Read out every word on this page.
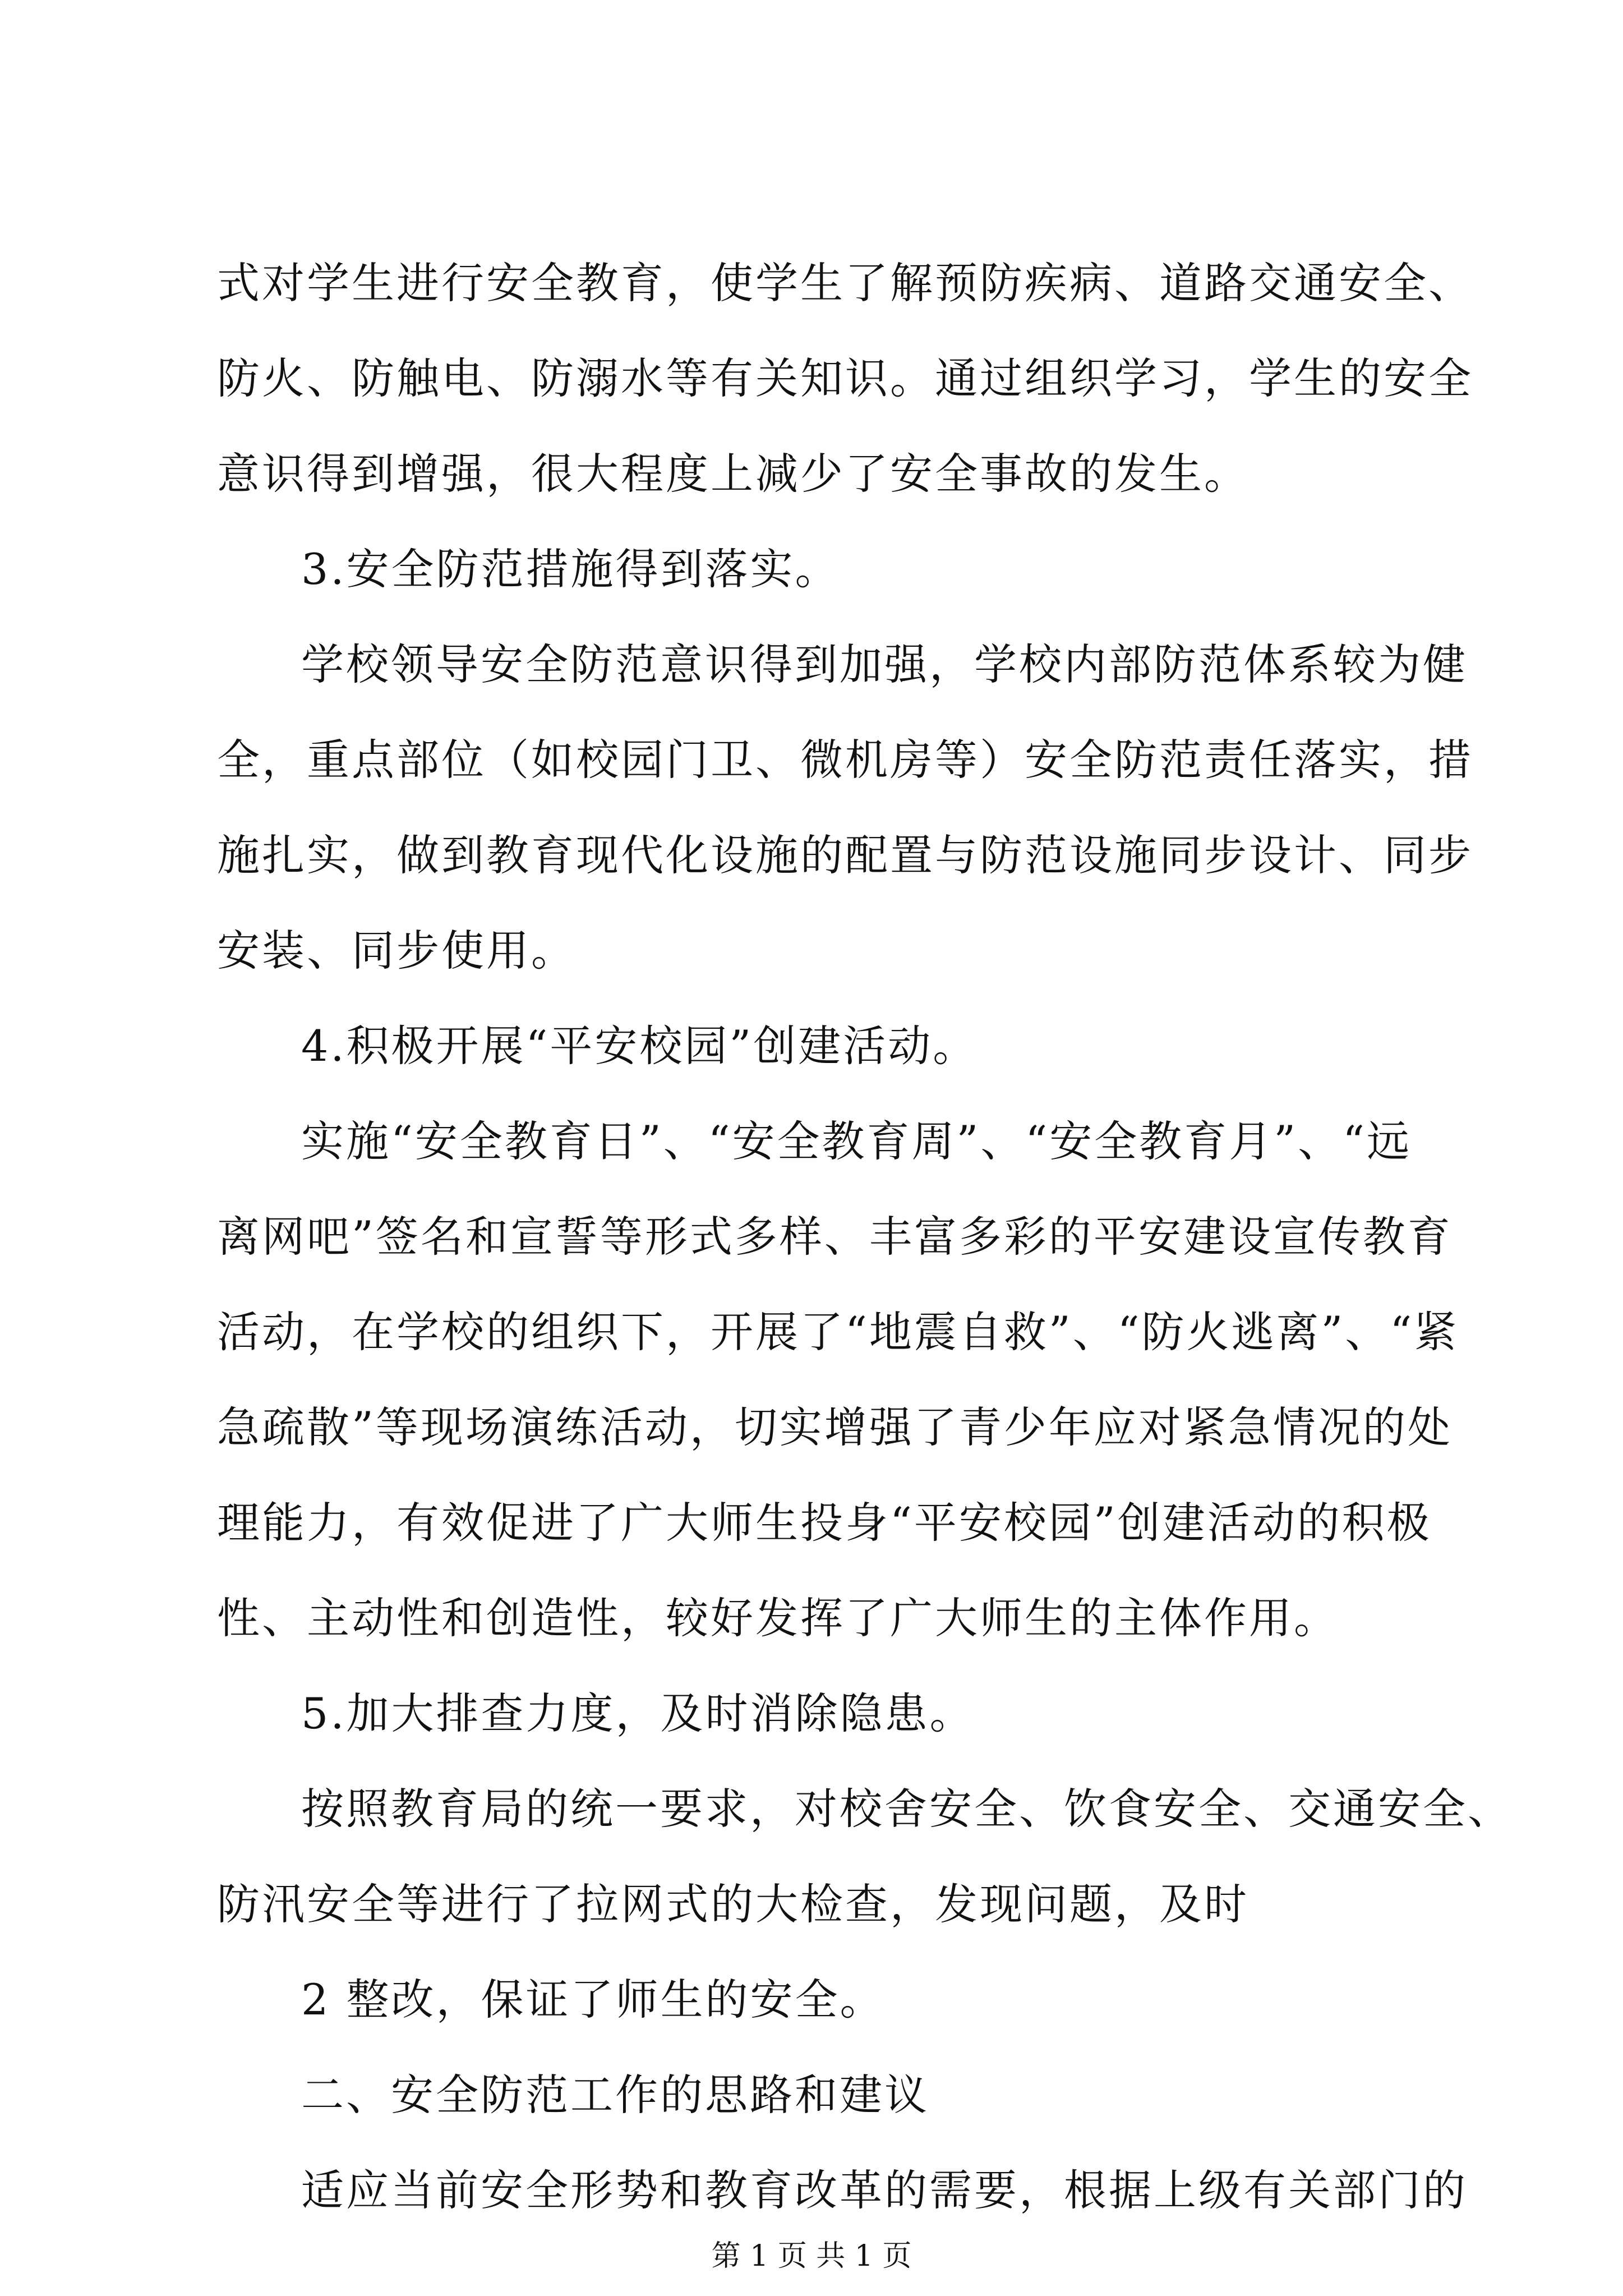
式对学生进行安全教育，使学生了解预防疾病、道路交通安全、
防火、防触电、防溺水等有关知识。通过组织学习，学生的安全
意识得到增强，很大程度上减少了安全事故的发生。
3.安全防范措施得到落实。
学校领导安全防范意识得到加强，学校内部防范体系较为健
全，重点部位（如校园门卫、微机房等）安全防范责任落实，措
施扎实，做到教育现代化设施的配置与防范设施同步设计、同步
安装、同步使用。
4.积极开展“平安校园”创建活动。
实施“安全教育日”、“安全教育周”、“安全教育月”、“远
离网吧”签名和宣誓等形式多样、丰富多彩的平安建设宣传教育
活动，在学校的组织下，开展了“地震自救”、“防火逃离”、“紧
急疏散”等现场演练活动，切实增强了青少年应对紧急情况的处
理能力，有效促进了广大师生投身“平安校园”创建活动的积极
性、主动性和创造性，较好发挥了广大师生的主体作用。
5.加大排查力度，及时消除隐患。
按照教育局的统一要求，对校舍安全、饮食安全、交通安全、
防汛安全等进行了拉网式的大检查，发现问题，及时
2 整改，保证了师生的安全。
二、安全防范工作的思路和建议
适应当前安全形势和教育改革的需要，根据上级有关部门的
第 1 页 共 1 页
